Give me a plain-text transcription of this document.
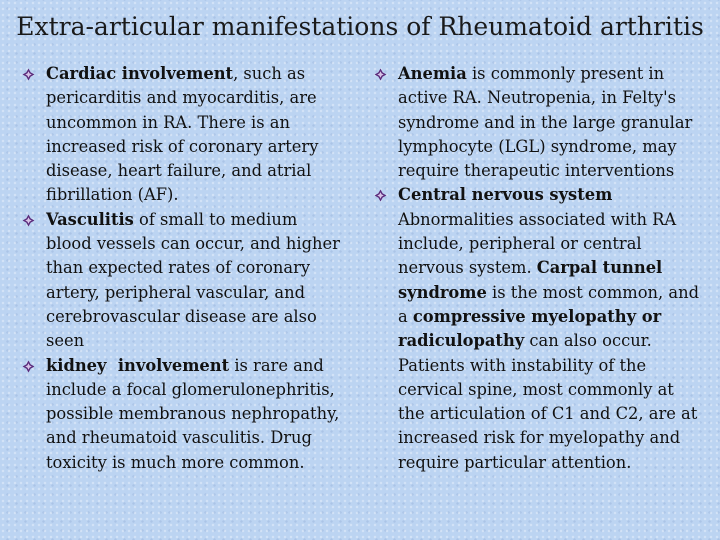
Extra-articular manifestations of Rheumatoid arthritis

Cardiac involvement, such as pericarditis and myocarditis, are uncommon in RA. There is an increased risk of coronary artery disease, heart failure, and atrial fibrillation (AF).

Vasculitis of small to medium blood vessels can occur, and higher than expected rates of coronary artery, peripheral vascular, and cerebrovascular disease are also seen

kidney  involvement is rare and include a focal glomerulonephritis, possible membranous nephropathy, and rheumatoid vasculitis. Drug toxicity is much more common.

Anemia is commonly present in active RA. Neutropenia, in Felty's syndrome and in the large granular lymphocyte (LGL) syndrome, may require therapeutic interventions

Central nervous system Abnormalities associated with RA include, peripheral or central nervous system. Carpal tunnel syndrome is the most common, and a compressive myelopathy or radiculopathy can also occur. Patients with instability of the cervical spine, most commonly at the articulation of C1 and C2, are at increased risk for myelopathy and require particular attention.
